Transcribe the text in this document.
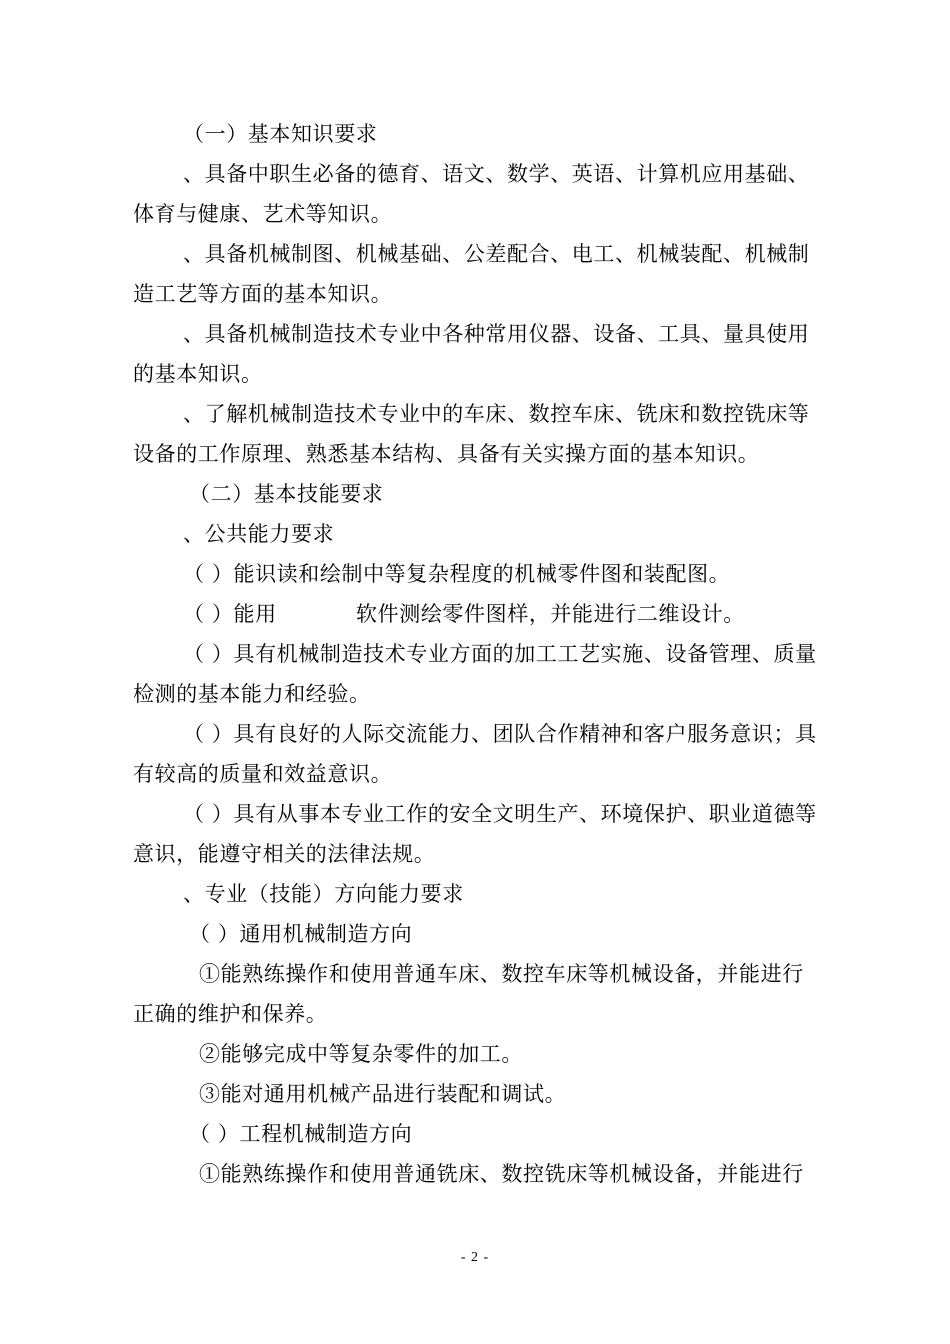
（一）基本知识要求
、具备中职生必备的德育、语文、数学、英语、计算机应用基础、
体育与健康、艺术等知识。
、具备机械制图、机械基础、公差配合、电工、机械装配、机械制
造工艺等方面的基本知识。
、具备机械制造技术专业中各种常用仪器、设备、工具、量具使用
的基本知识。
、了解机械制造技术专业中的车床、数控车床、铣床和数控铣床等
设备的工作原理、熟悉基本结构、具备有关实操方面的基本知识。
（二）基本技能要求
、公共能力要求
（ ）能识读和绘制中等复杂程度的机械零件图和装配图。
（ ）能用 　　　 软件测绘零件图样，并能进行二维设计。
（ ）具有机械制造技术专业方面的加工工艺实施、设备管理、质量
检测的基本能力和经验。
（ ）具有良好的人际交流能力、团队合作精神和客户服务意识；具
有较高的质量和效益意识。
（ ）具有从事本专业工作的安全文明生产、环境保护、职业道德等
意识，能遵守相关的法律法规。
、专业（技能）方向能力要求
（ ）通用机械制造方向
①能熟练操作和使用普通车床、数控车床等机械设备，并能进行
正确的维护和保养。
②能够完成中等复杂零件的加工。
③能对通用机械产品进行装配和调试。
（ ）工程机械制造方向
①能熟练操作和使用普通铣床、数控铣床等机械设备，并能进行
- 2 -
